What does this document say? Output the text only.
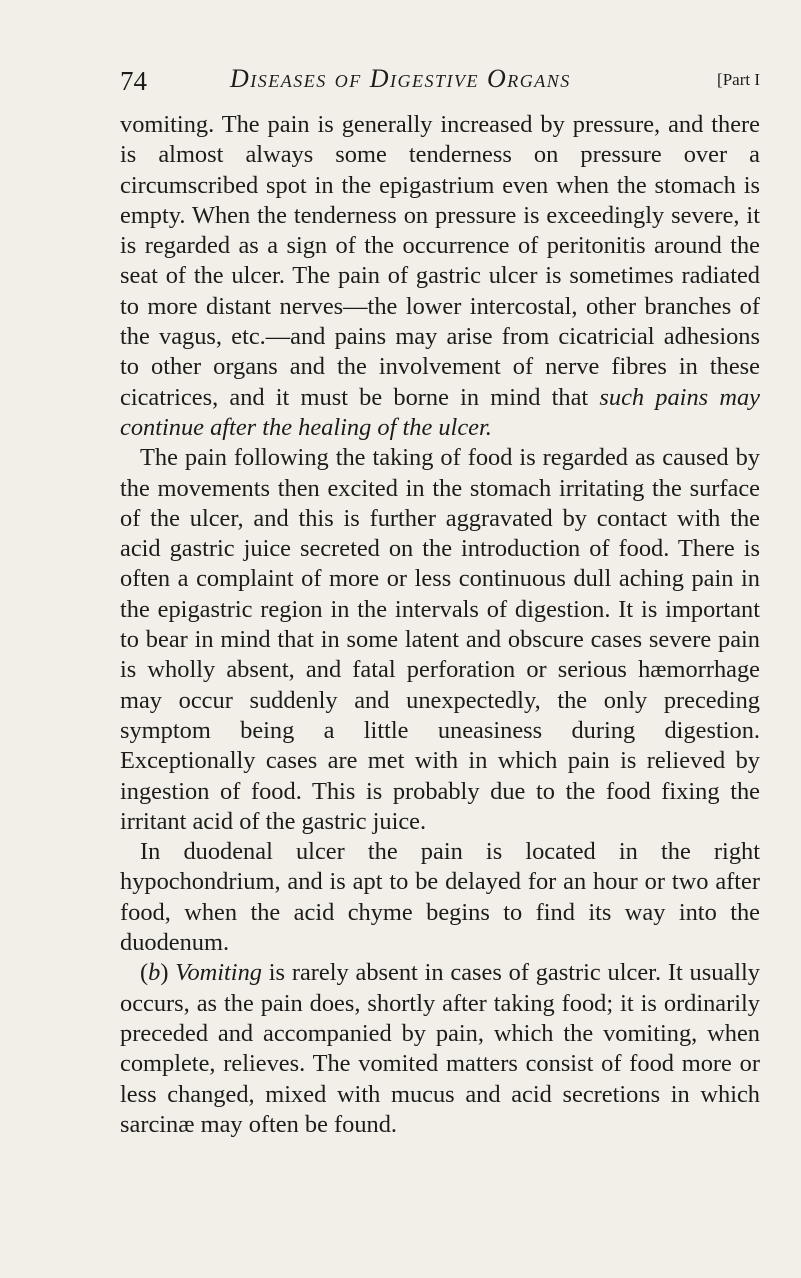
74	Diseases of Digestive Organs	[Part I

vomiting. The pain is generally increased by pressure, and there is almost always some tenderness on pressure over a circumscribed spot in the epigastrium even when the stomach is empty. When the tenderness on pressure is exceedingly severe, it is regarded as a sign of the occurrence of peritonitis around the seat of the ulcer. The pain of gastric ulcer is sometimes radiated to more distant nerves—the lower intercostal, other branches of the vagus, etc.—and pains may arise from cicatricial adhesions to other organs and the involvement of nerve fibres in these cicatrices, and it must be borne in mind that such pains may continue after the healing of the ulcer.

The pain following the taking of food is regarded as caused by the movements then excited in the stomach irritating the surface of the ulcer, and this is further aggravated by contact with the acid gastric juice secreted on the introduction of food. There is often a complaint of more or less continuous dull aching pain in the epigastric region in the intervals of digestion. It is important to bear in mind that in some latent and obscure cases severe pain is wholly absent, and fatal perforation or serious hæmorrhage may occur suddenly and unexpectedly, the only preceding symptom being a little uneasiness during digestion. Exceptionally cases are met with in which pain is relieved by ingestion of food. This is probably due to the food fixing the irritant acid of the gastric juice.

In duodenal ulcer the pain is located in the right hypochondrium, and is apt to be delayed for an hour or two after food, when the acid chyme begins to find its way into the duodenum.

(b) Vomiting is rarely absent in cases of gastric ulcer. It usually occurs, as the pain does, shortly after taking food; it is ordinarily preceded and accompanied by pain, which the vomiting, when complete, relieves. The vomited matters consist of food more or less changed, mixed with mucus and acid secretions in which sarcinæ may often be found.
